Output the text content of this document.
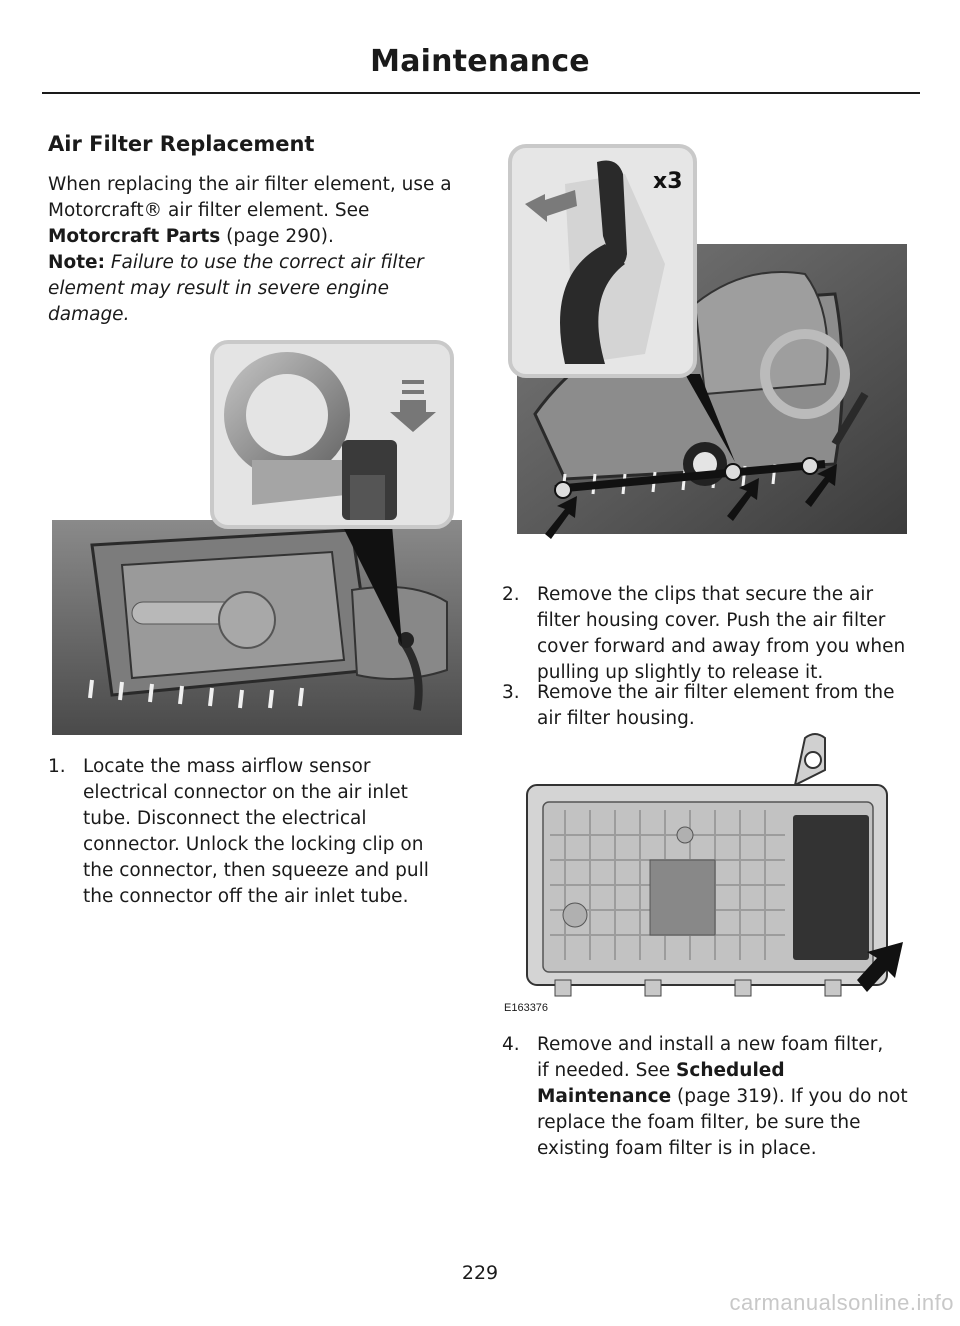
Maintenance
Air Filter Replacement
When replacing the air filter element, use a Motorcraft® air filter element. See Motorcraft Parts (page 290).
Note: Failure to use the correct air filter element may result in severe engine damage.
1. Locate the mass airflow sensor
electrical connector on the air inlet
tube. Disconnect the electrical
connector. Unlock the locking clip on
the connector, then squeeze and pull
the connector off the air inlet tube.
x3
2. Remove the clips that secure the air
filter housing cover. Push the air filter
cover forward and away from you when
pulling up slightly to release it.
3. Remove the air filter element from the
air filter housing.
E163376
4. Remove and install a new foam filter,
if needed. See Scheduled
Maintenance (page 319). If you do not
replace the foam filter, be sure the
existing foam filter is in place.
229
carmanualsonline.info
